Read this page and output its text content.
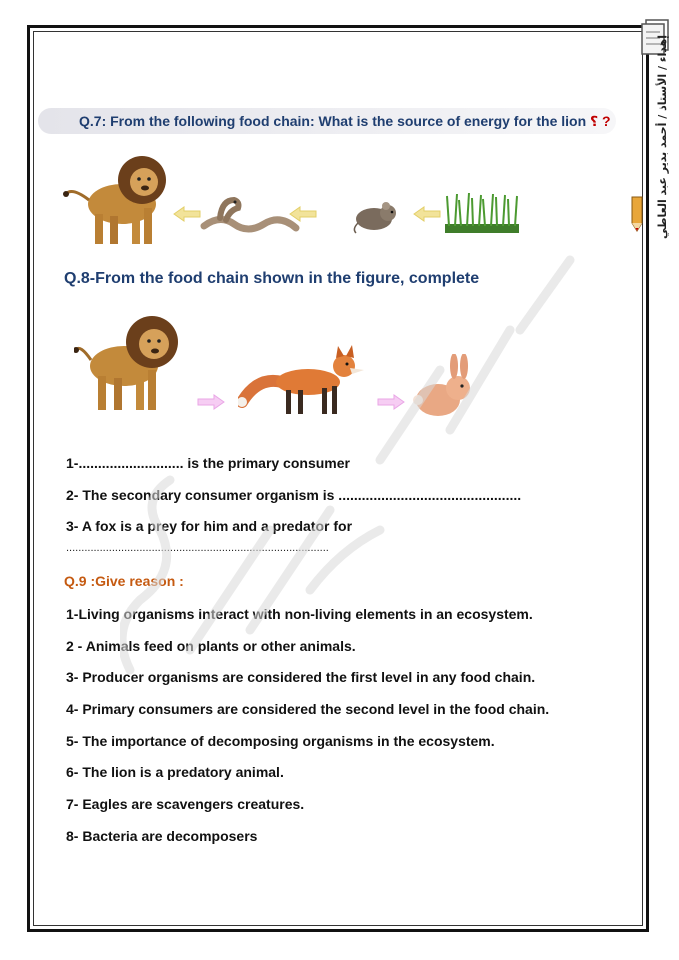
إهداء / الأستاذ / أحمد بدير عبد العاطي
Q.7: From the following food chain: What is the source of energy for the lion ؟ ?
Q.8-From the food chain shown in the figure, complete
1-........................... is the primary consumer
2- The secondary consumer organism is ...............................................
3- A fox is a prey for him and a predator for
......................................................................................
Q.9 :Give reason :
1-Living organisms interact with non-living elements in an ecosystem.
2 - Animals feed on plants or other animals.
3- Producer organisms are considered the first level in any food chain.
4- Primary consumers are considered the second level in the food chain.
5- The importance of decomposing organisms in the ecosystem.
6- The lion is a predatory animal.
7- Eagles are scavengers creatures.
8- Bacteria are decomposers
